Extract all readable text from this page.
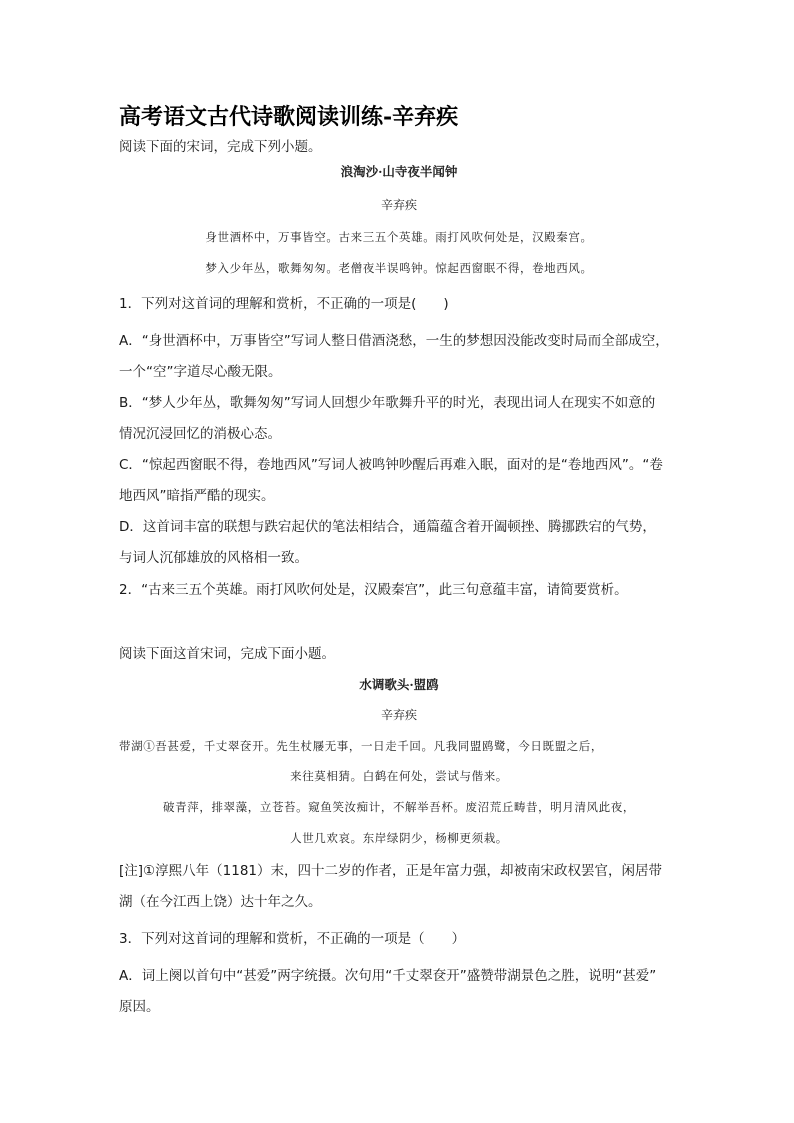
高考语文古代诗歌阅读训练-辛弃疾
阅读下面的宋词，完成下列小题。
浪淘沙·山寺夜半闻钟
辛弃疾
身世酒杯中，万事皆空。古来三五个英雄。雨打风吹何处是，汉殿秦宫。
梦入少年丛，歌舞匆匆。老僧夜半误鸣钟。惊起西窗眠不得，卷地西风。
1．下列对这首词的理解和赏析，不正确的一项是(　　)
A．“身世酒杯中，万事皆空”写词人整日借酒浇愁，一生的梦想因没能改变时局而全部成空，
一个“空”字道尽心酸无限。
B．“梦人少年丛，歌舞匆匆”写词人回想少年歌舞升平的时光，表现出词人在现实不如意的
情况沉浸回忆的消极心态。
C．“惊起西窗眠不得，卷地西风”写词人被鸣钟吵醒后再难入眠，面对的是“卷地西风”。“卷
地西风”暗指严酷的现实。
D．这首词丰富的联想与跌宕起伏的笔法相结合，通篇蕴含着开阖顿挫、腾挪跌宕的气势，
与词人沉郁雄放的风格相一致。
2．“古来三五个英雄。雨打风吹何处是，汉殿秦宫”，此三句意蕴丰富，请简要赏析。
阅读下面这首宋词，完成下面小题。
水调歌头·盟鸥
辛弃疾
带湖①吾甚爱，千丈翠奁开。先生杖屦无事，一日走千回。凡我同盟鸥鹭，今日既盟之后，
来往莫相猜。白鹤在何处，尝试与偕来。
破青萍，排翠藻，立苍苔。窥鱼笑汝痴计，不解举吾杯。废沼荒丘畴昔，明月清风此夜，
人世几欢哀。东岸绿阴少，杨柳更须栽。
[注]①淳熙八年（1181）末，四十二岁的作者，正是年富力强，却被南宋政权罢官，闲居带
湖（在今江西上饶）达十年之久。
3．下列对这首词的理解和赏析，不正确的一项是（　　）
A．词上阕以首句中“甚爱”两字统摄。次句用“千丈翠奁开”盛赞带湖景色之胜，说明“甚爱”
原因。
